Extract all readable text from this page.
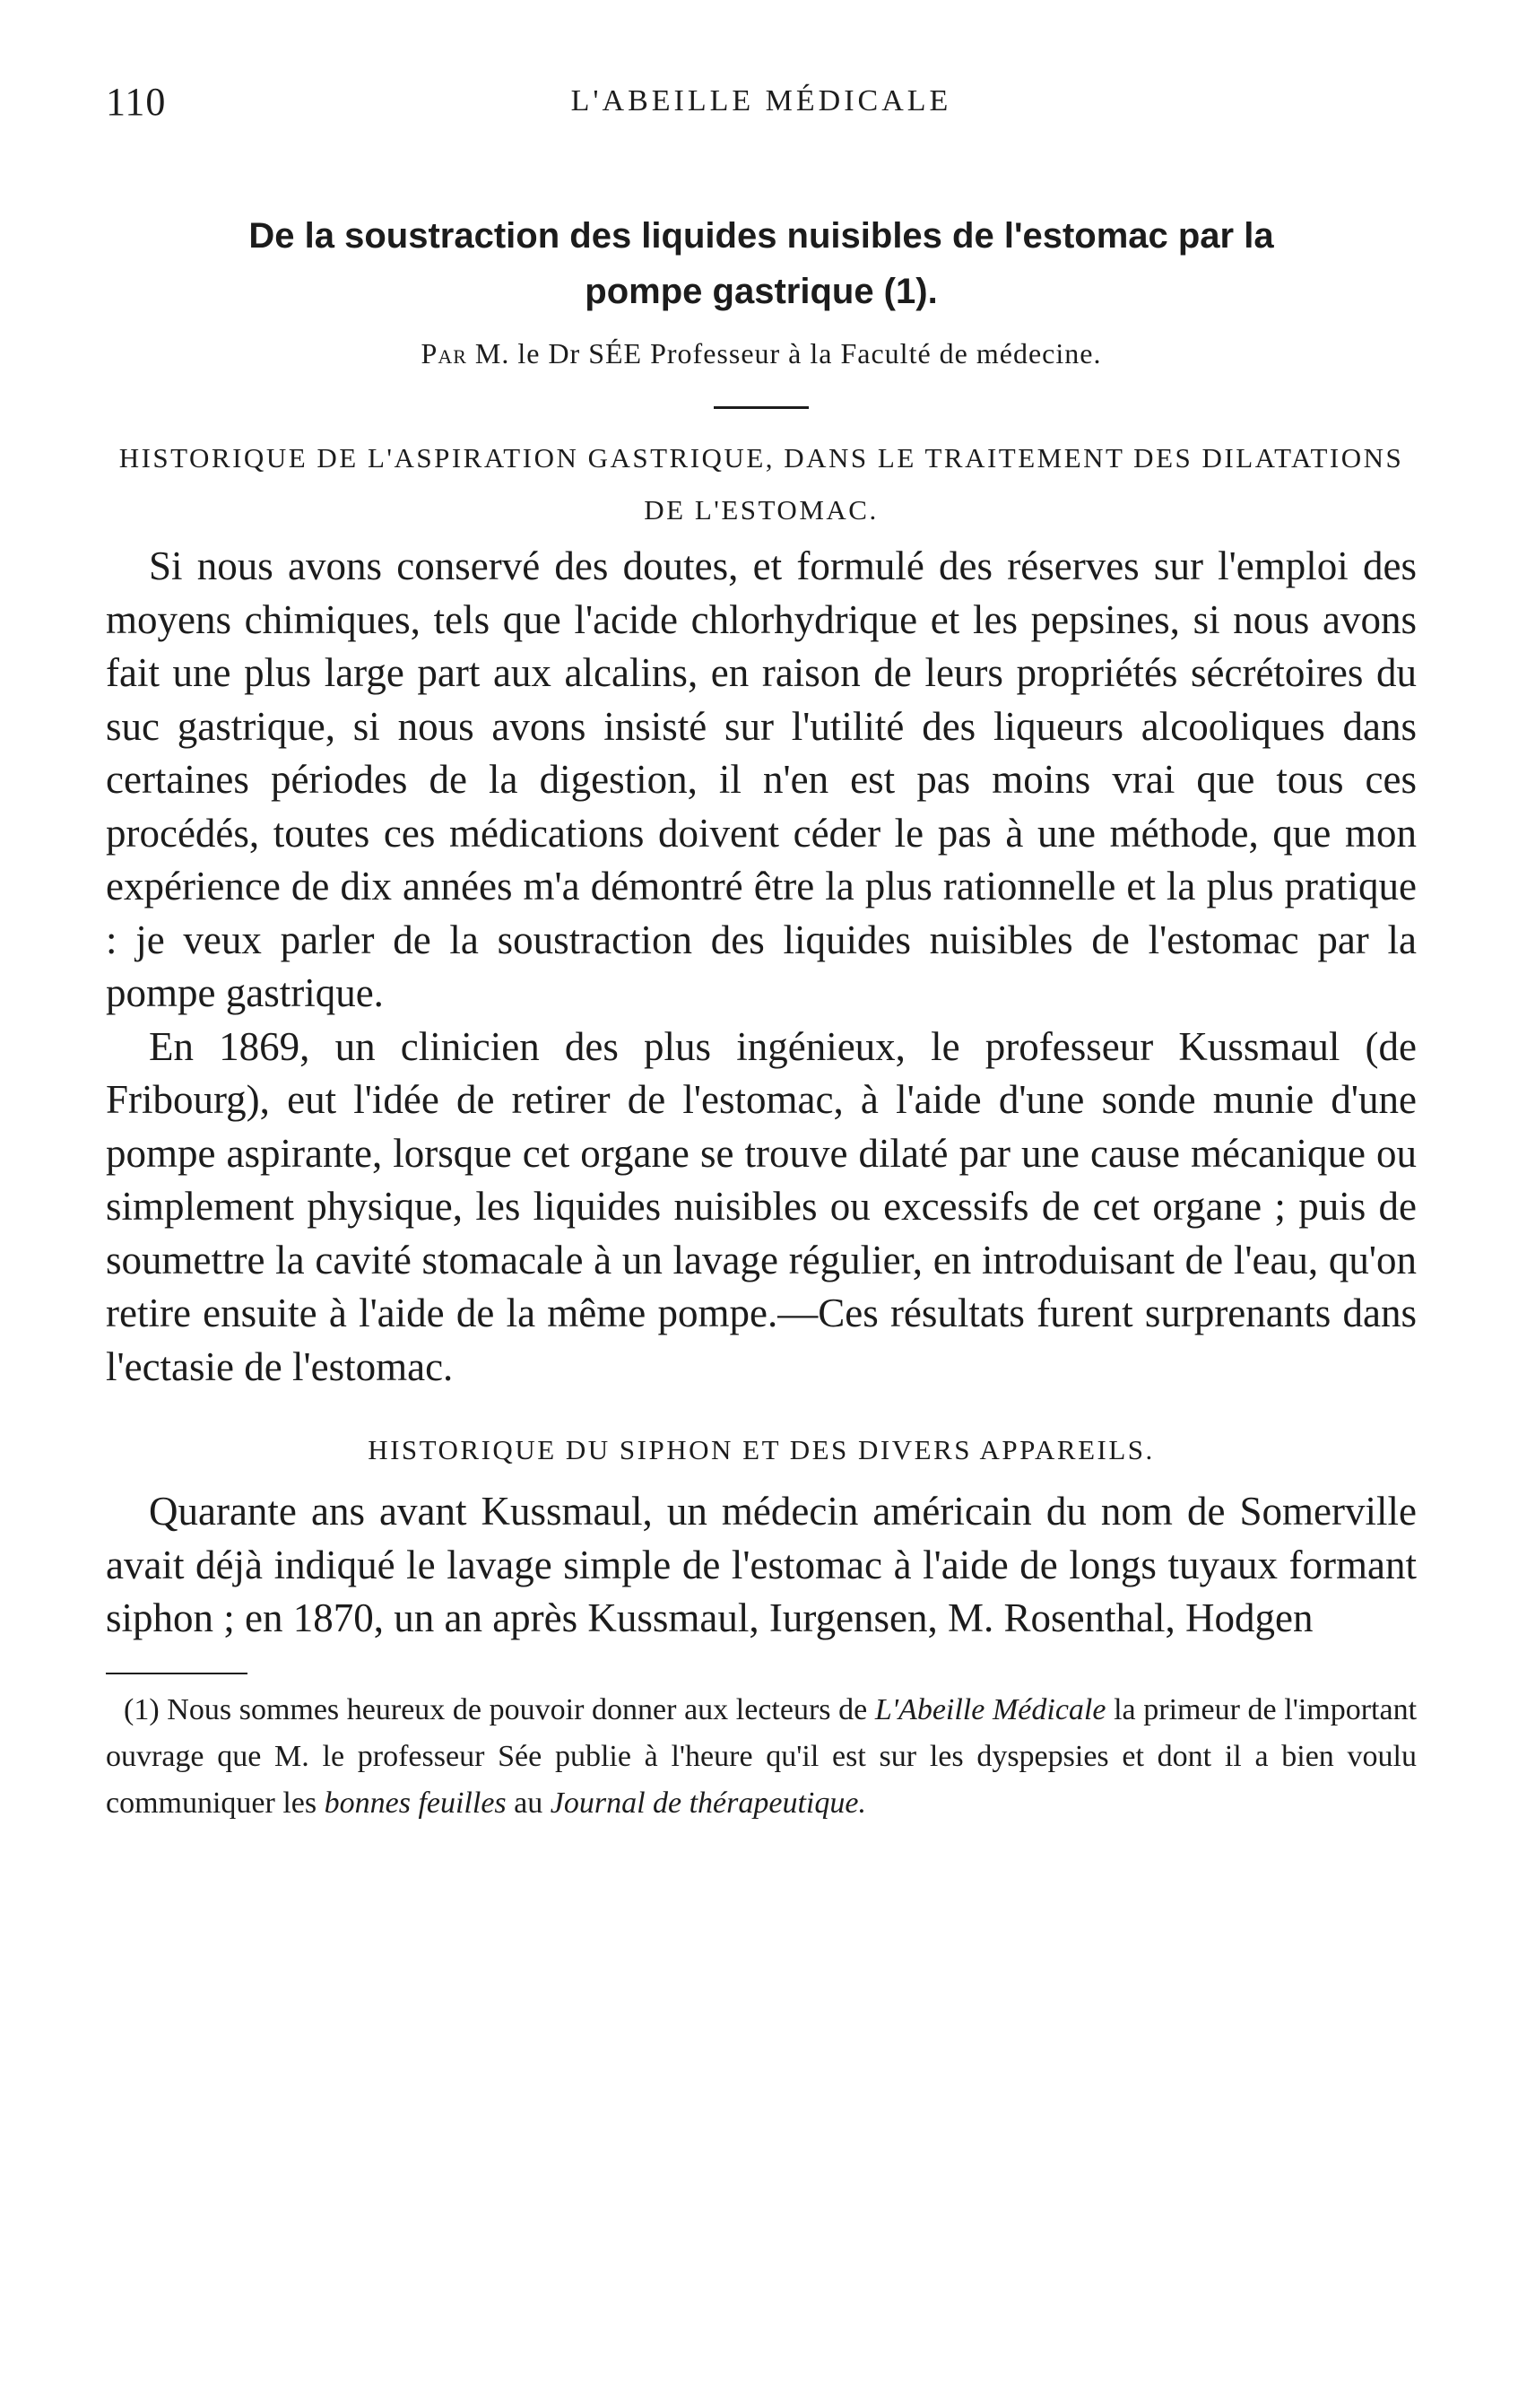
110	L'ABEILLE MÉDICALE
De la soustraction des liquides nuisibles de l'estomac par la
pompe gastrique (1).
Par M. le Dr SÉE Professeur à la Faculté de médecine.
HISTORIQUE DE L'ASPIRATION GASTRIQUE, DANS LE TRAITEMENT DES DILATATIONS DE L'ESTOMAC.

Si nous avons conservé des doutes, et formulé des réserves sur l'emploi des moyens chimiques, tels que l'acide chlorhydrique et les pepsines, si nous avons fait une plus large part aux alcalins, en raison de leurs propriétés sécrétoires du suc gastrique, si nous avons insisté sur l'utilité des liqueurs alcooliques dans certaines périodes de la digestion, il n'en est pas moins vrai que tous ces procédés, toutes ces médications doivent céder le pas à une méthode, que mon expérience de dix années m'a démontré être la plus rationnelle et la plus pratique : je veux parler de la soustraction des liquides nuisibles de l'estomac par la pompe gastrique.

En 1869, un clinicien des plus ingénieux, le professeur Kussmaul (de Fribourg), eut l'idée de retirer de l'estomac, à l'aide d'une sonde munie d'une pompe aspirante, lorsque cet organe se trouve dilaté par une cause mécanique ou simplement physique, les liquides nuisibles ou excessifs de cet organe ; puis de soumettre la cavité stomacale à un lavage régulier, en introduisant de l'eau, qu'on retire ensuite à l'aide de la même pompe.—Ces résultats furent surprenants dans l'ectasie de l'estomac.

HISTORIQUE DU SIPHON ET DES DIVERS APPAREILS.

Quarante ans avant Kussmaul, un médecin américain du nom de Somerville avait déjà indiqué le lavage simple de l'estomac à l'aide de longs tuyaux formant siphon ; en 1870, un an après Kussmaul, Iurgensen, M. Rosenthal, Hodgen

(1) Nous sommes heureux de pouvoir donner aux lecteurs de L'Abeille Médicale la primeur de l'important ouvrage que M. le professeur Sée publie à l'heure qu'il est sur les dyspepsies et dont il a bien voulu communiquer les bonnes feuilles au Journal de thérapeutique.
